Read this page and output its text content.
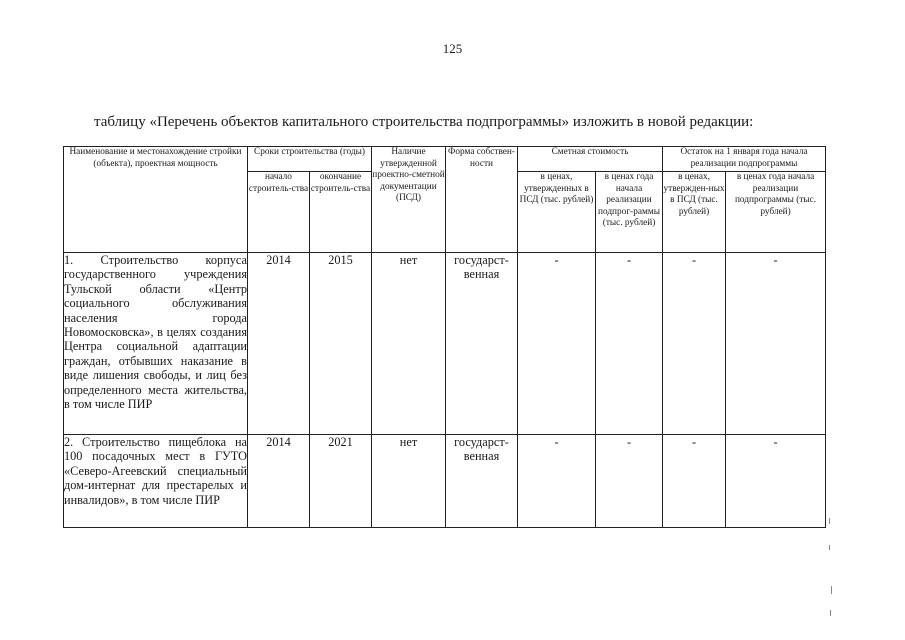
125
таблицу «Перечень объектов капитального строительства подпрограммы» изложить в новой редакции:
Наименование и местонахождение стройки (объекта), проектная мощность	Сроки строительства (годы)		Наличие утвержденной проектно-сметной документации (ПСД)	Форма собствен-ности	Сметная стоимость		Остаток на 1 января года начала реализации подпрограммы	
	начало строитель-ства	окончание строитель-ства			в ценах, утвержденных в ПСД (тыс. рублей)	в ценах года начала реализации подпрог-раммы (тыс. рублей)	в ценах, утвержден-ных в ПСД (тыс. рублей)	в ценах года начала реализации подпрограммы (тыс. рублей)
1. Строительство корпуса государственного учреждения Тульской области «Центр социального обслуживания населения города Новомосковска», в целях создания Центра социальной адаптации граждан, отбывших наказание в виде лишения свободы, и лиц без определенного места жительства, в том числе ПИР	2014	2015	нет	государст-венная	-	-	-	-
2. Строительство пищеблока на 100 посадочных мест в ГУТО «Северо-Агеевский специальный дом-интернат для престарелых и инвалидов», в том числе ПИР	2014	2021	нет	государст-венная	-	-	-	-
